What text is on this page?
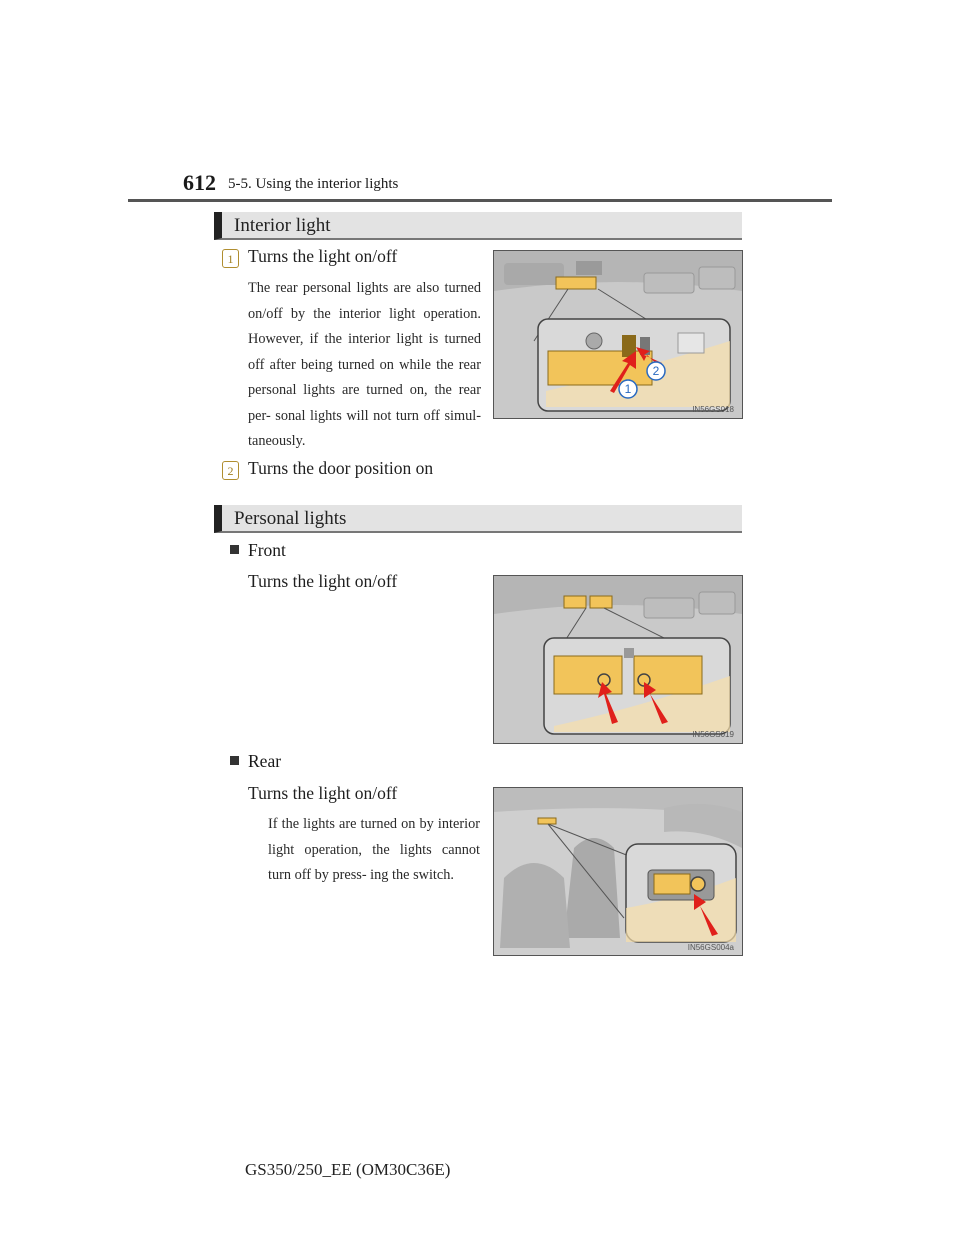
612 5-5. Using the interior lights
Interior light
1 Turns the light on/off
The rear personal lights are also turned on/off by the interior light operation. However, if the interior light is turned off after being turned on while the rear personal lights are turned on, the rear per- sonal lights will not turn off simul- taneously.
2 Turns the door position on
1
2
IN56GS018
Personal lights
Front
Turns the light on/off
IN56GS019
Rear
Turns the light on/off
If the lights are turned on by interior light operation, the lights cannot turn off by press- ing the switch.
IN56GS004a
GS350/250_EE (OM30C36E)
